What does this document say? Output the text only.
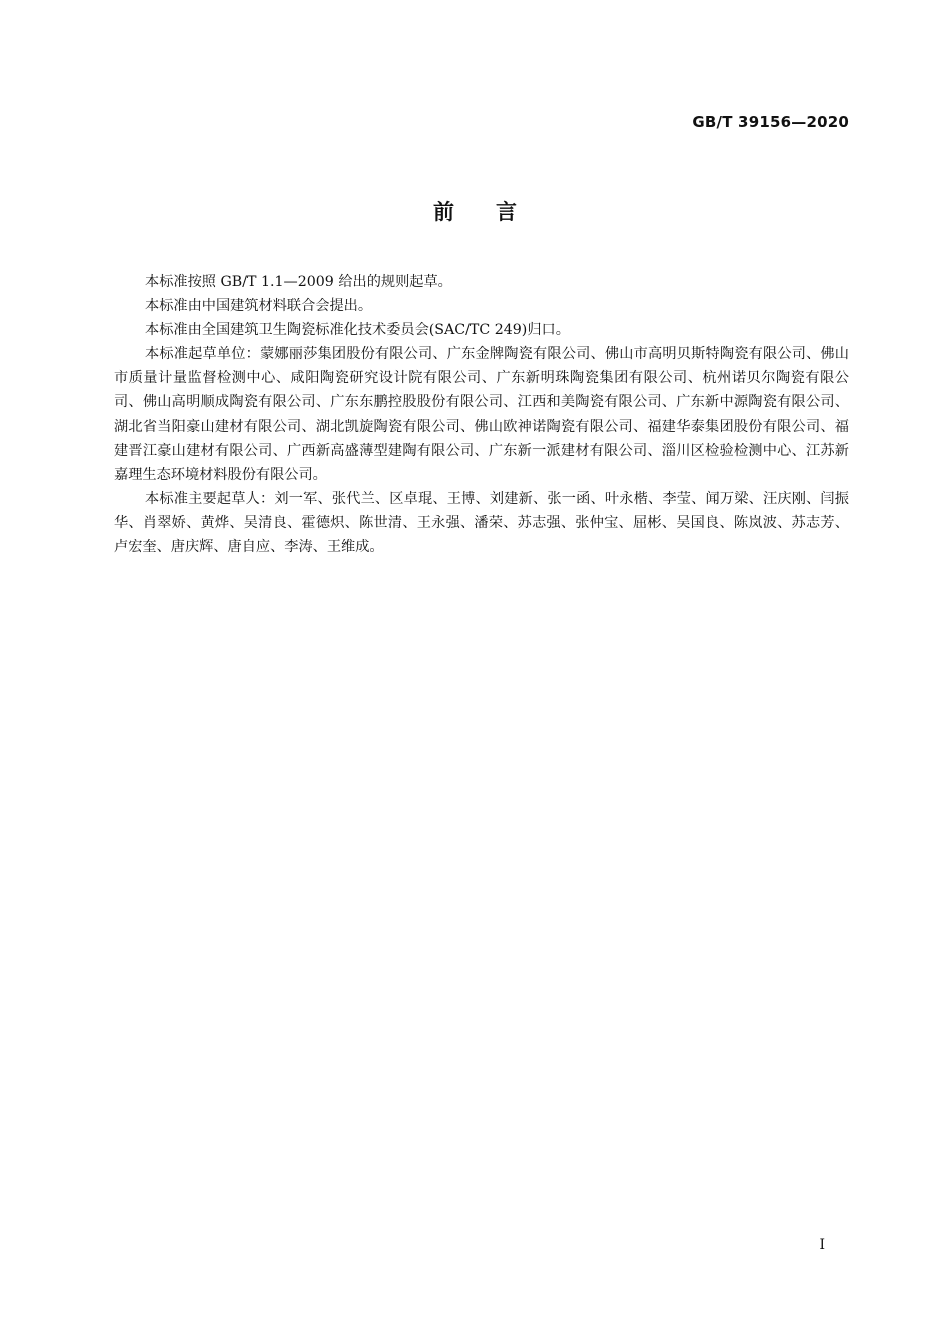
GB/T 39156—2020
前言

本标准按照 GB/T 1.1—2009 给出的规则起草。

本标准由中国建筑材料联合会提出。

本标准由全国建筑卫生陶瓷标准化技术委员会(SAC/TC 249)归口。

本标准起草单位：蒙娜丽莎集团股份有限公司、广东金牌陶瓷有限公司、佛山市高明贝斯特陶瓷有限公司、佛山市质量计量监督检测中心、咸阳陶瓷研究设计院有限公司、广东新明珠陶瓷集团有限公司、杭州诺贝尔陶瓷有限公司、佛山高明顺成陶瓷有限公司、广东东鹏控股股份有限公司、江西和美陶瓷有限公司、广东新中源陶瓷有限公司、湖北省当阳豪山建材有限公司、湖北凯旋陶瓷有限公司、佛山欧神诺陶瓷有限公司、福建华泰集团股份有限公司、福建晋江豪山建材有限公司、广西新高盛薄型建陶有限公司、广东新一派建材有限公司、淄川区检验检测中心、江苏新嘉理生态环境材料股份有限公司。

本标准主要起草人：刘一军、张代兰、区卓琨、王博、刘建新、张一函、叶永楷、李莹、闻万梁、汪庆刚、闫振华、肖翠娇、黄烨、吴清良、霍德炽、陈世清、王永强、潘荣、苏志强、张仲宝、屈彬、吴国良、陈岚波、苏志芳、卢宏奎、唐庆辉、唐自应、李涛、王维成。

I
